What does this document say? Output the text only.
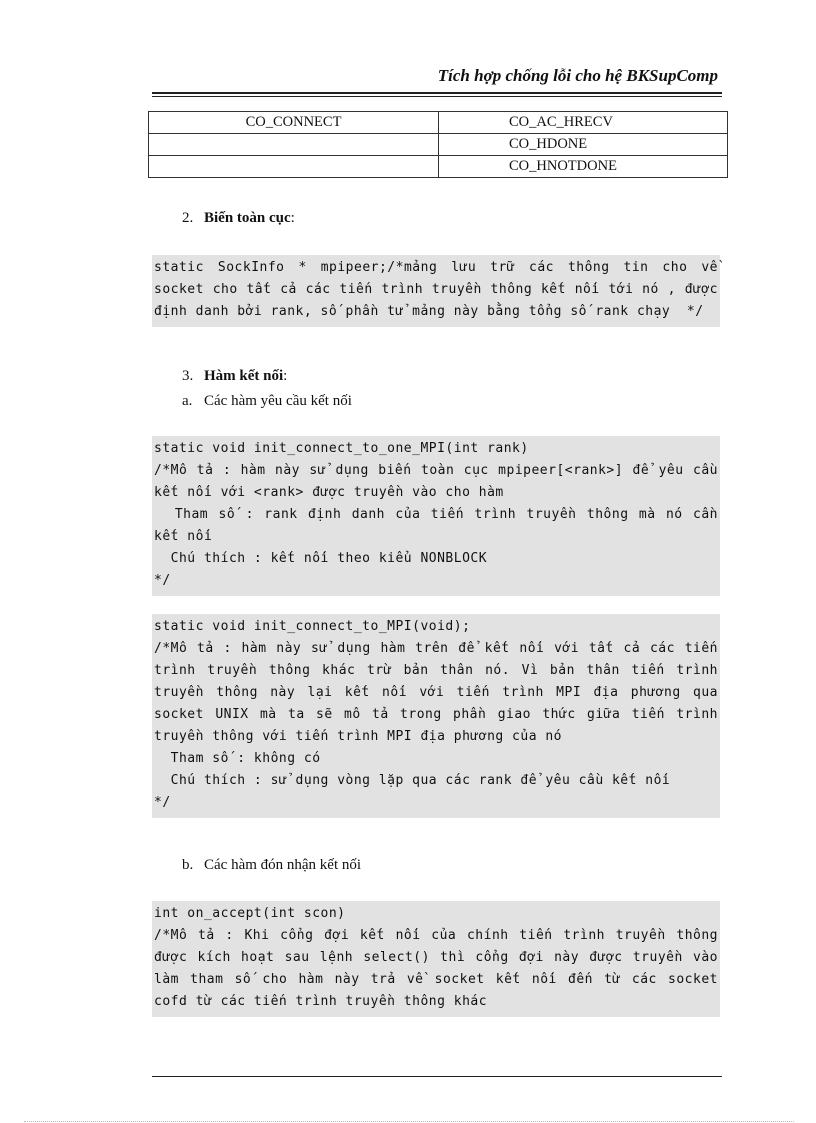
Tích hợp chống lỗi cho hệ BKSupComp
CO_CONNECT	CO_AC_HRECV
	CO_HDONE
	CO_HNOTDONE
2. Biến toàn cục:
static SockInfo * mpipeer;/*mảng lưu trữ các thông tin cho về socket cho tất cả các tiến trình truyền thông kết nối tới nó , được định danh bởi rank, số phần tử mảng này bằng tổng số rank chạy  */
3. Hàm kết nối:
a. Các hàm yêu cầu kết nối
static void init_connect_to_one_MPI(int rank)
/*Mô tả : hàm này sử dụng biến toàn cục mpipeer[<rank>] để yêu cầu kết nối với <rank> được truyền vào cho hàm
Tham số : rank định danh của tiến trình truyền thông mà nó cần kết nối
Chú thích : kết nối theo kiểu NONBLOCK
*/
static void init_connect_to_MPI(void);
/*Mô tả : hàm này sử dụng hàm trên để kết nối với tất cả các tiến trình truyền thông khác trừ bản thân nó. Vì bản thân tiến trình truyền thông này lại kết nối với tiến trình MPI địa phương qua socket UNIX mà ta sẽ mô tả trong phần giao thức giữa tiến trình truyền thông với tiến trình MPI địa phương của nó
Tham số : không có
Chú thích : sử dụng vòng lặp qua các rank để yêu cầu kết nối
*/
b. Các hàm đón nhận kết nối
int on_accept(int scon)
/*Mô tả : Khi cổng đợi kết nối của chính tiến trình truyền thông được kích hoạt sau lệnh select() thì cổng đợi này được truyền vào làm tham số cho hàm này trả về socket kết nối đến từ các socket cofd từ các tiến trình truyền thông khác
